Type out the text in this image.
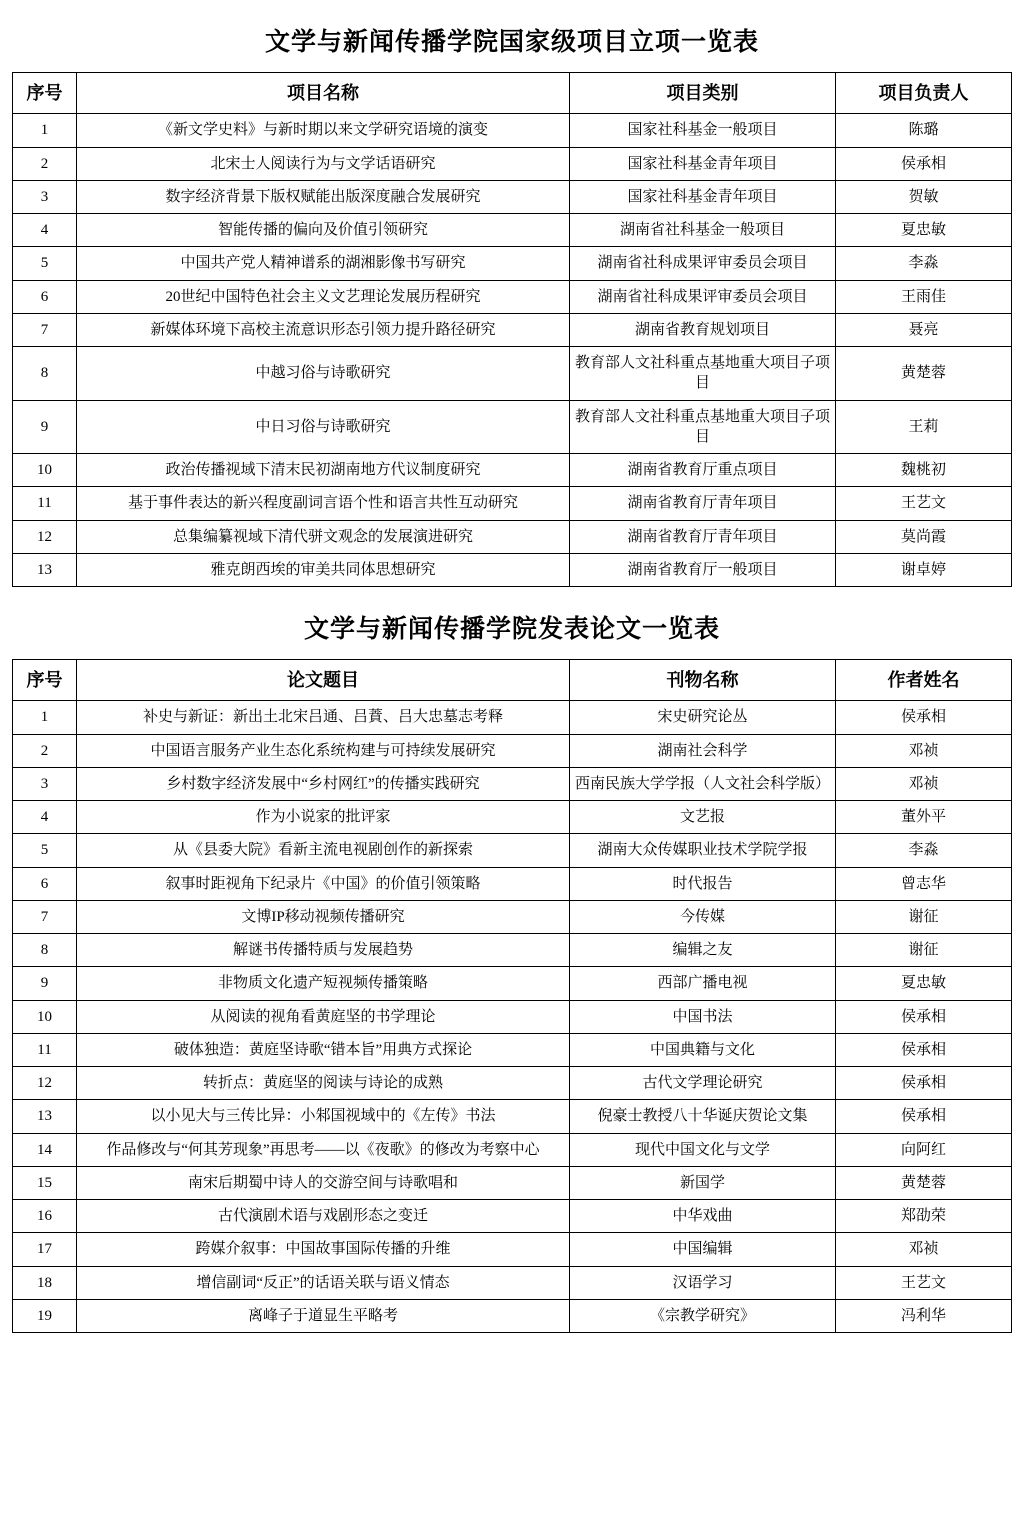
文学与新闻传播学院国家级项目立项一览表
序号	项目名称	项目类别	项目负责人
1	《新文学史料》与新时期以来文学研究语境的演变	国家社科基金一般项目	陈璐
2	北宋士人阅读行为与文学话语研究	国家社科基金青年项目	侯承相
3	数字经济背景下版权赋能出版深度融合发展研究	国家社科基金青年项目	贺敏
4	智能传播的偏向及价值引领研究	湖南省社科基金一般项目	夏忠敏
5	中国共产党人精神谱系的湖湘影像书写研究	湖南省社科成果评审委员会项目	李淼
6	20世纪中国特色社会主义文艺理论发展历程研究	湖南省社科成果评审委员会项目	王雨佳
7	新媒体环境下高校主流意识形态引领力提升路径研究	湖南省教育规划项目	聂亮
8	中越习俗与诗歌研究	教育部人文社科重点基地重大项目子项目	黄楚蓉
9	中日习俗与诗歌研究	教育部人文社科重点基地重大项目子项目	王莉
10	政治传播视域下清末民初湖南地方代议制度研究	湖南省教育厅重点项目	魏桃初
11	基于事件表达的新兴程度副词言语个性和语言共性互动研究	湖南省教育厅青年项目	王艺文
12	总集编纂视域下清代骈文观念的发展演进研究	湖南省教育厅青年项目	莫尚霞
13	雅克朗西埃的审美共同体思想研究	湖南省教育厅一般项目	谢卓婷
文学与新闻传播学院发表论文一览表
序号	论文题目	刊物名称	作者姓名
1	补史与新证：新出土北宋吕通、吕蕡、吕大忠墓志考释	宋史研究论丛	侯承相
2	中国语言服务产业生态化系统构建与可持续发展研究	湖南社会科学	邓祯
3	乡村数字经济发展中“乡村网红”的传播实践研究	西南民族大学学报（人文社会科学版）	邓祯
4	作为小说家的批评家	文艺报	董外平
5	从《县委大院》看新主流电视剧创作的新探索	湖南大众传媒职业技术学院学报	李淼
6	叙事时距视角下纪录片《中国》的价值引领策略	时代报告	曾志华
7	文博IP移动视频传播研究	今传媒	谢征
8	解谜书传播特质与发展趋势	编辑之友	谢征
9	非物质文化遗产短视频传播策略	西部广播电视	夏忠敏
10	从阅读的视角看黄庭坚的书学理论	中国书法	侯承相
11	破体独造：黄庭坚诗歌“错本旨”用典方式探论	中国典籍与文化	侯承相
12	转折点：黄庭坚的阅读与诗论的成熟	古代文学理论研究	侯承相
13	以小见大与三传比异：小邾国视域中的《左传》书法	倪豪士教授八十华诞庆贺论文集	侯承相
14	作品修改与“何其芳现象”再思考——以《夜歌》的修改为考察中心	现代中国文化与文学	向阿红
15	南宋后期蜀中诗人的交游空间与诗歌唱和	新国学	黄楚蓉
16	古代演剧术语与戏剧形态之变迁	中华戏曲	郑劭荣
17	跨媒介叙事：中国故事国际传播的升维	中国编辑	邓祯
18	增信副词“反正”的话语关联与语义情态	汉语学习	王艺文
19	离峰子于道显生平略考	《宗教学研究》	冯利华
